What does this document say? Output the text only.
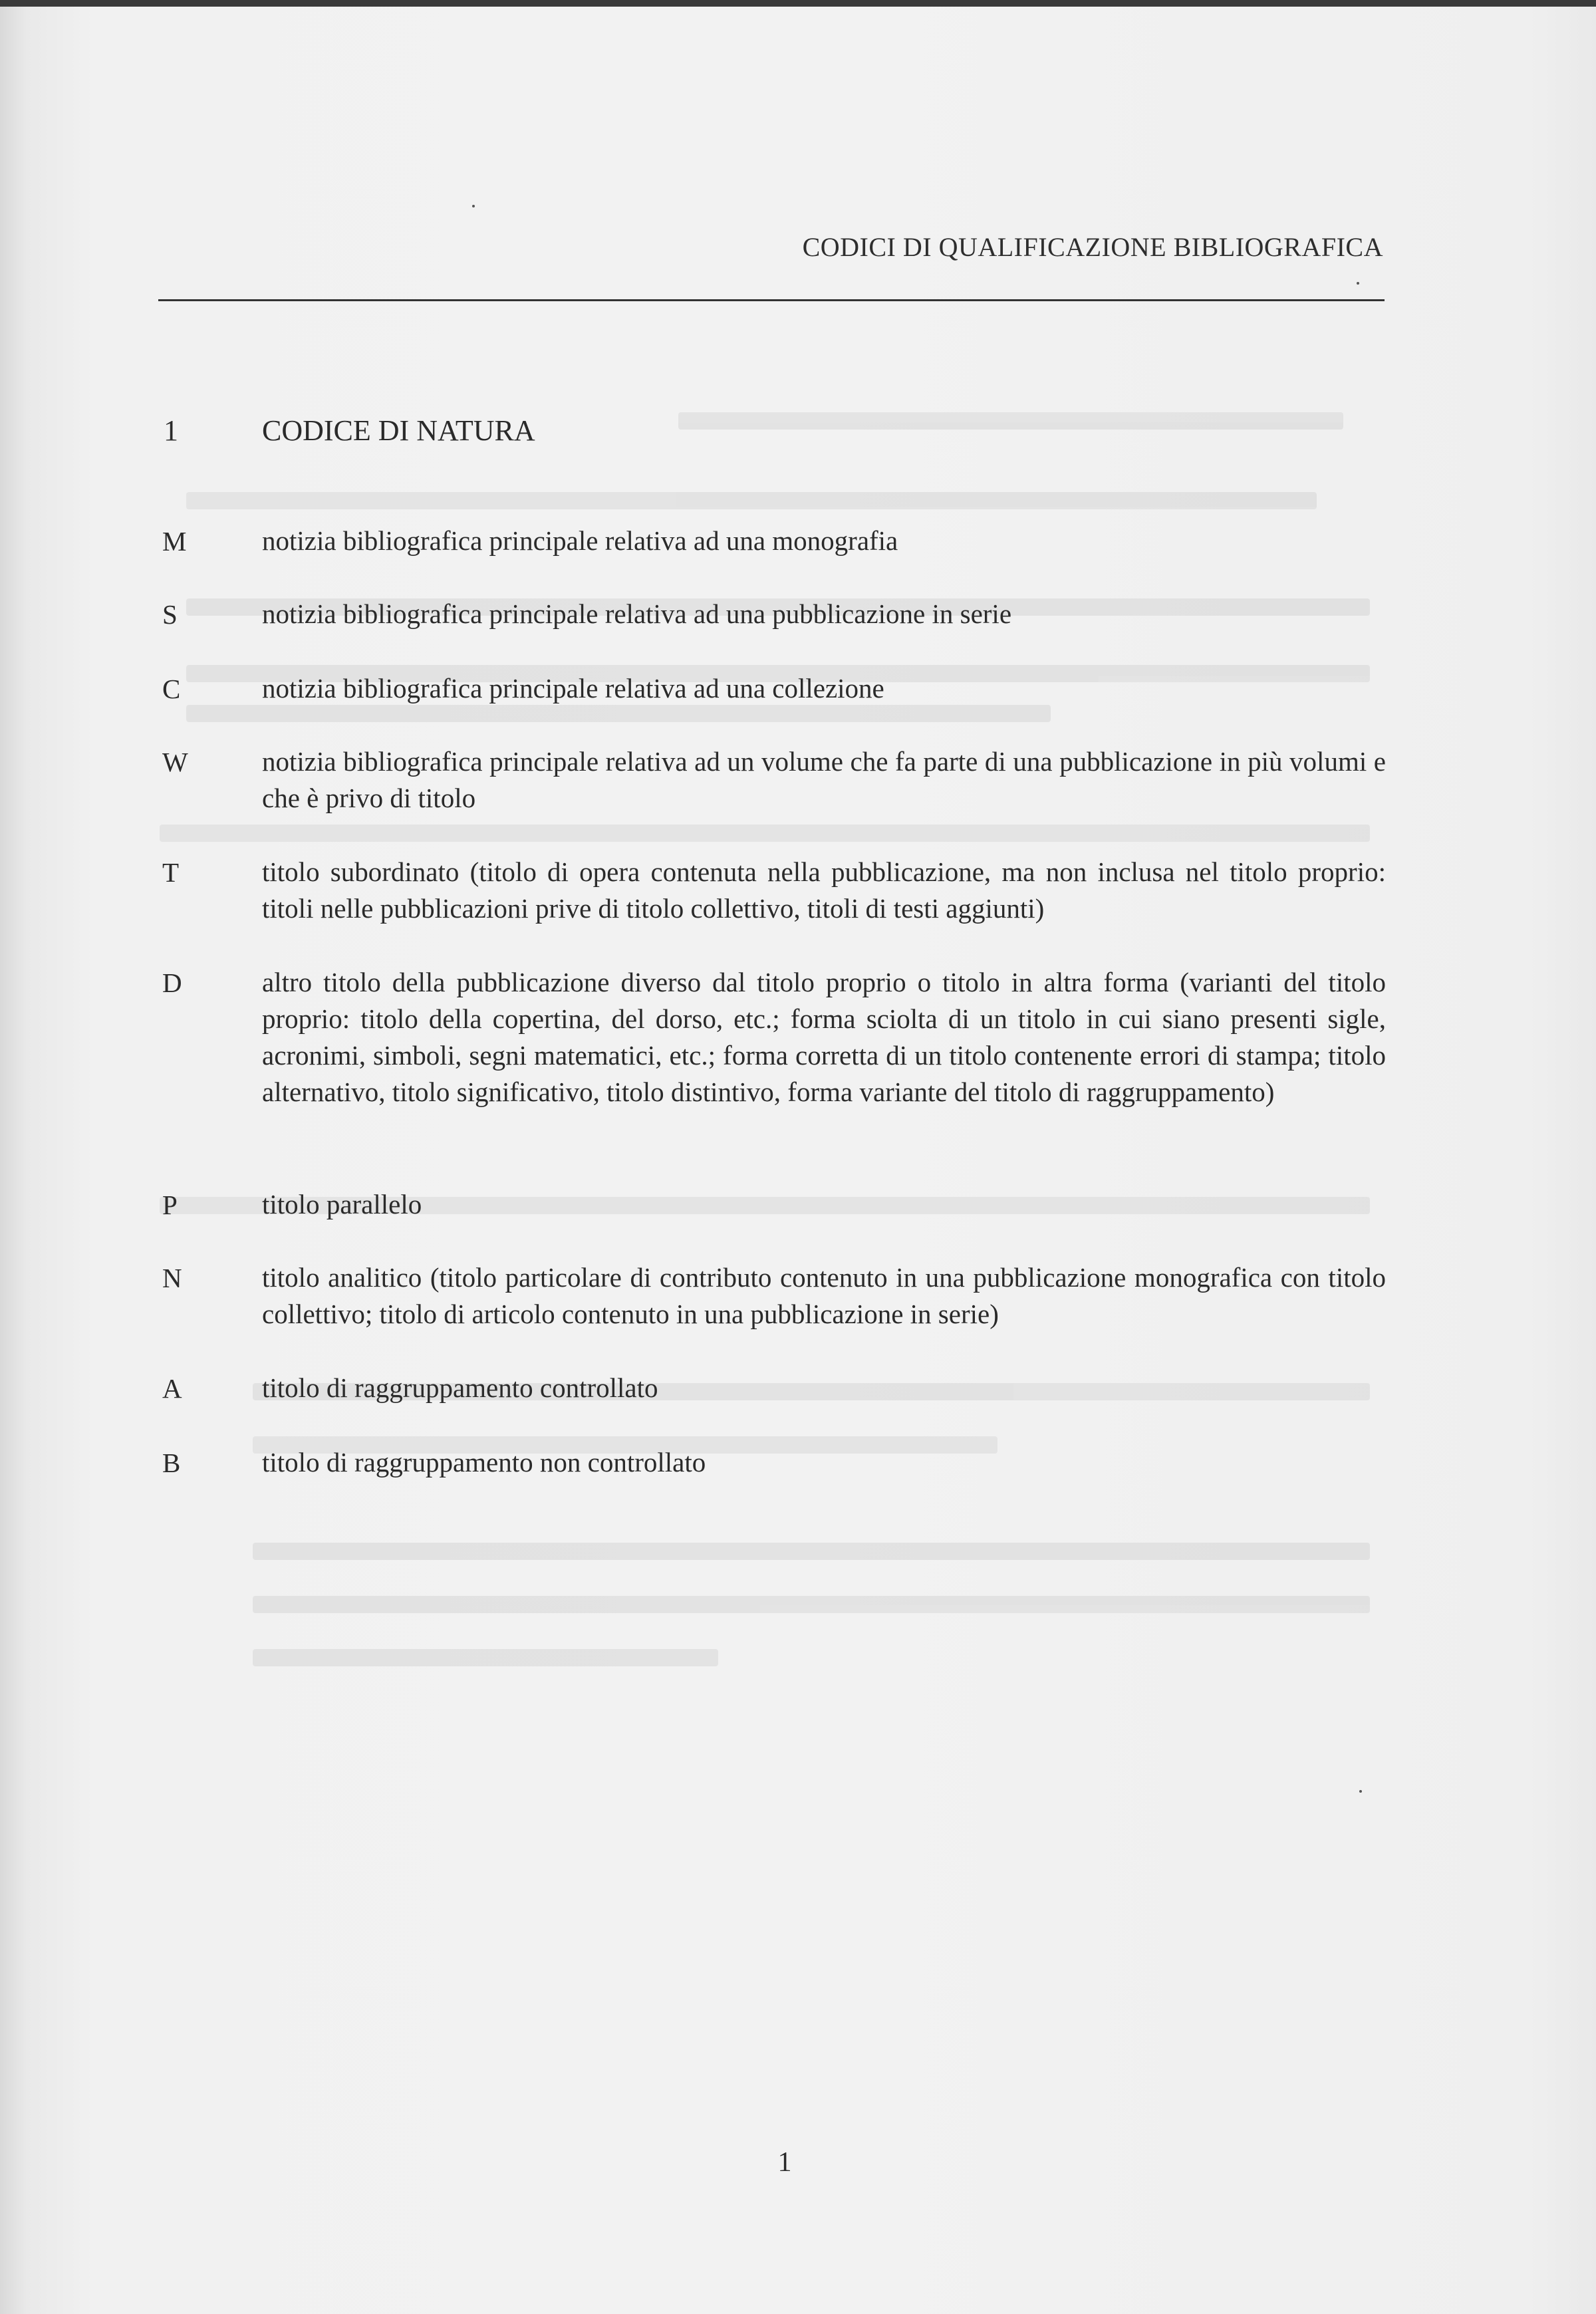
CODICI DI QUALIFICAZIONE BIBLIOGRAFICA
1	CODICE DI NATURA
M	notizia bibliografica principale relativa ad una monografia
S	notizia bibliografica principale relativa ad una pubblicazione in serie
C	notizia bibliografica principale relativa ad una collezione
W	notizia bibliografica principale relativa ad un volume che fa parte di una pubblicazione in più volumi e che è privo di titolo
T	titolo subordinato (titolo di opera contenuta nella pubblicazione, ma non inclusa nel titolo proprio: titoli nelle pubblicazioni prive di titolo collettivo, titoli di testi aggiunti)
D	altro titolo della pubblicazione diverso dal titolo proprio o titolo in altra forma (varianti del titolo proprio: titolo della copertina, del dorso, etc.; forma sciolta di un titolo in cui siano presenti sigle, acronimi, simboli, segni matematici, etc.; forma corretta di un titolo contenente errori di stampa; titolo alternativo, titolo significativo, titolo distintivo, forma variante del titolo di raggruppamento)
P	titolo parallelo
N	titolo analitico (titolo particolare di contributo contenuto in una pubblicazione monografica con titolo collettivo; titolo di articolo contenuto in una pubblicazione in serie)
A	titolo di raggruppamento controllato
B	titolo di raggruppamento non controllato
1
